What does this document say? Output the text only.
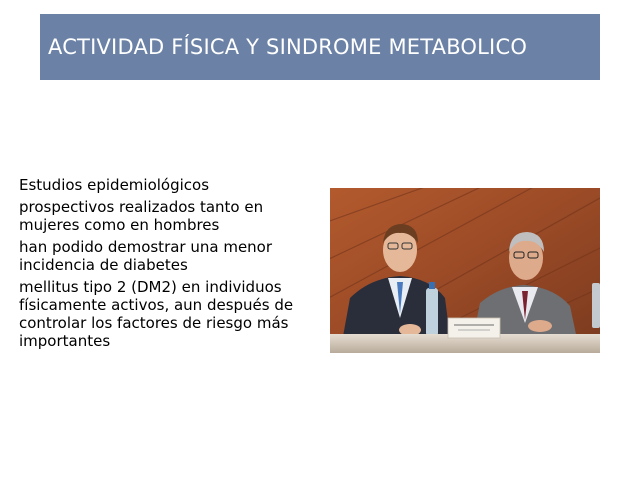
ACTIVIDAD FÍSICA Y SINDROME METABOLICO

Estudios epidemiológicos

prospectivos realizados tanto en
mujeres como en hombres

han podido demostrar una menor
incidencia de diabetes

mellitus tipo 2 (DM2) en individuos
físicamente activos, aun después de
controlar los factores de riesgo más
importantes
